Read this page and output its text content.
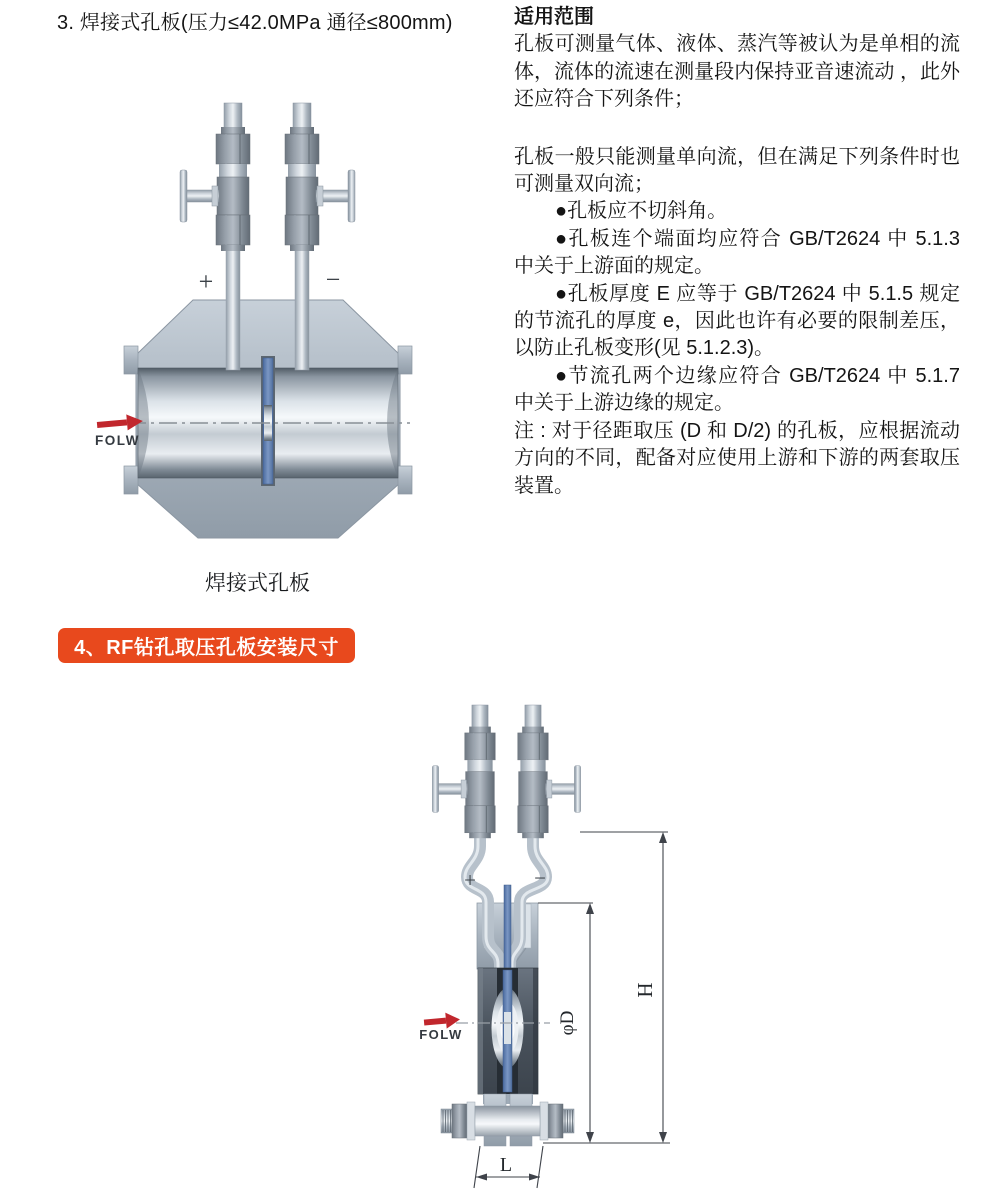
3. 焊接式孔板(压力≤42.0MPa 通径≤800mm)	适用范围

孔板可测量气体、液体、蒸汽等被认为是单相的流体，流体的流速在测量段内保持亚音速流动 ，此外还应符合下列条件；

孔板一般只能测量单向流，但在满足下列条件时也可测量双向流；

●孔板应不切斜角。

●孔板连个端面均应符合 GB/T2624 中 5.1.3 中关于上游面的规定。

●孔板厚度 E 应等于 GB/T2624 中 5.1.5 规定的节流孔的厚度 e，因此也许有必要的限制差压，以防止孔板变形(见 5.1.2.3)。

●节流孔两个边缘应符合 GB/T2624 中 5.1.7 中关于上游边缘的规定。

注 : 对于径距取压 (D 和 D/2) 的孔板，应根据流动方向的不同，配备对应使用上游和下游的两套取压装置。

FOLW
+	−
焊接式孔板
4、RF钻孔取压孔板安装尺寸
FOLW
+	−
H
φD
L
